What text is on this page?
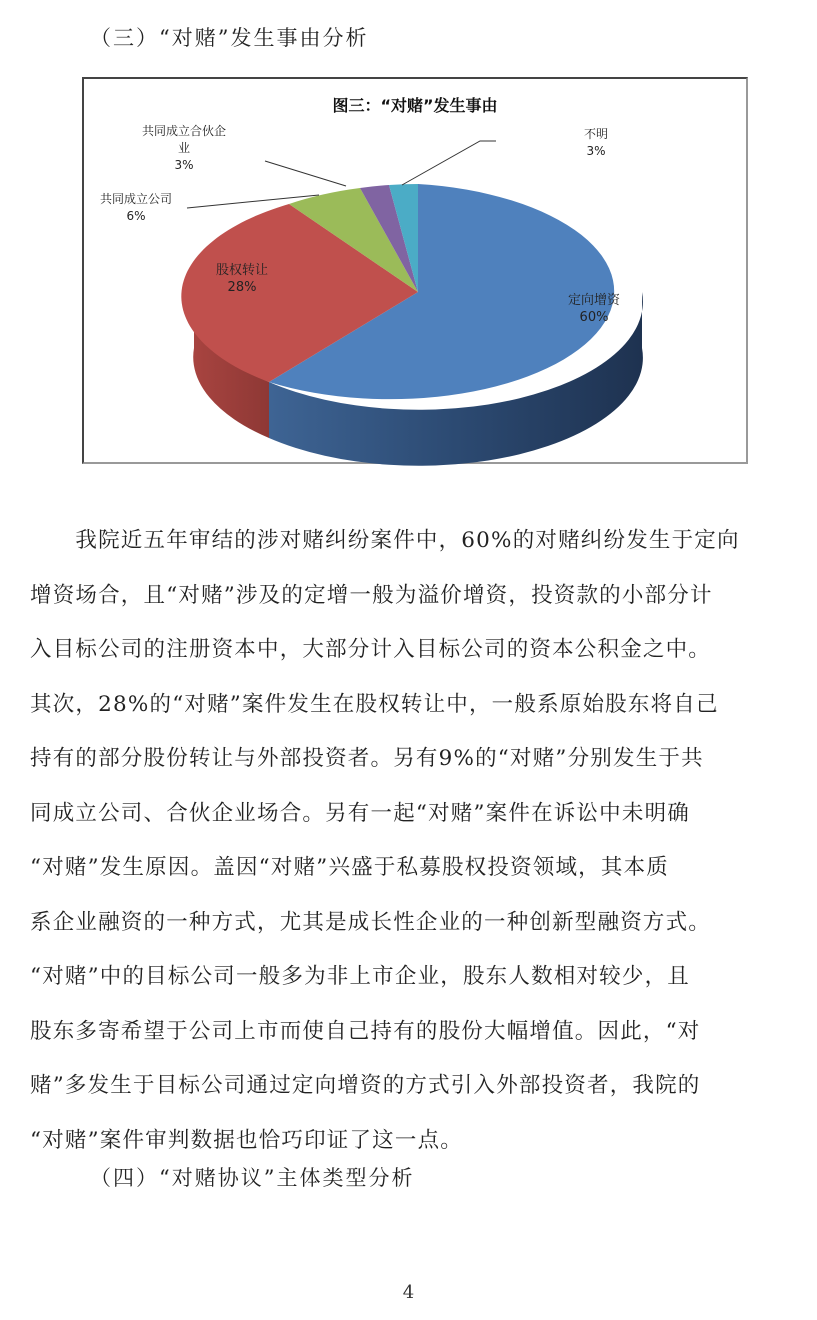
（三）“对赌”发生事由分析
图三：“对赌”发生事由
共同成立合伙企
业
3%
共同成立公司
6%
不明
3%
股权转让
28%
定向增资
60%
　　我院近五年审结的涉对赌纠纷案件中，60%的对赌纠纷发生于定向
增资场合，且“对赌”涉及的定增一般为溢价增资，投资款的小部分计
入目标公司的注册资本中，大部分计入目标公司的资本公积金之中。
其次，28%的“对赌”案件发生在股权转让中，一般系原始股东将自己
持有的部分股份转让与外部投资者。另有9%的“对赌”分别发生于共
同成立公司、合伙企业场合。另有一起“对赌”案件在诉讼中未明确
“对赌”发生原因。盖因“对赌”兴盛于私募股权投资领域，其本质
系企业融资的一种方式，尤其是成长性企业的一种创新型融资方式。
“对赌”中的目标公司一般多为非上市企业，股东人数相对较少，且
股东多寄希望于公司上市而使自己持有的股份大幅增值。因此，“对
赌”多发生于目标公司通过定向增资的方式引入外部投资者，我院的
“对赌”案件审判数据也恰巧印证了这一点。
（四）“对赌协议”主体类型分析
4
